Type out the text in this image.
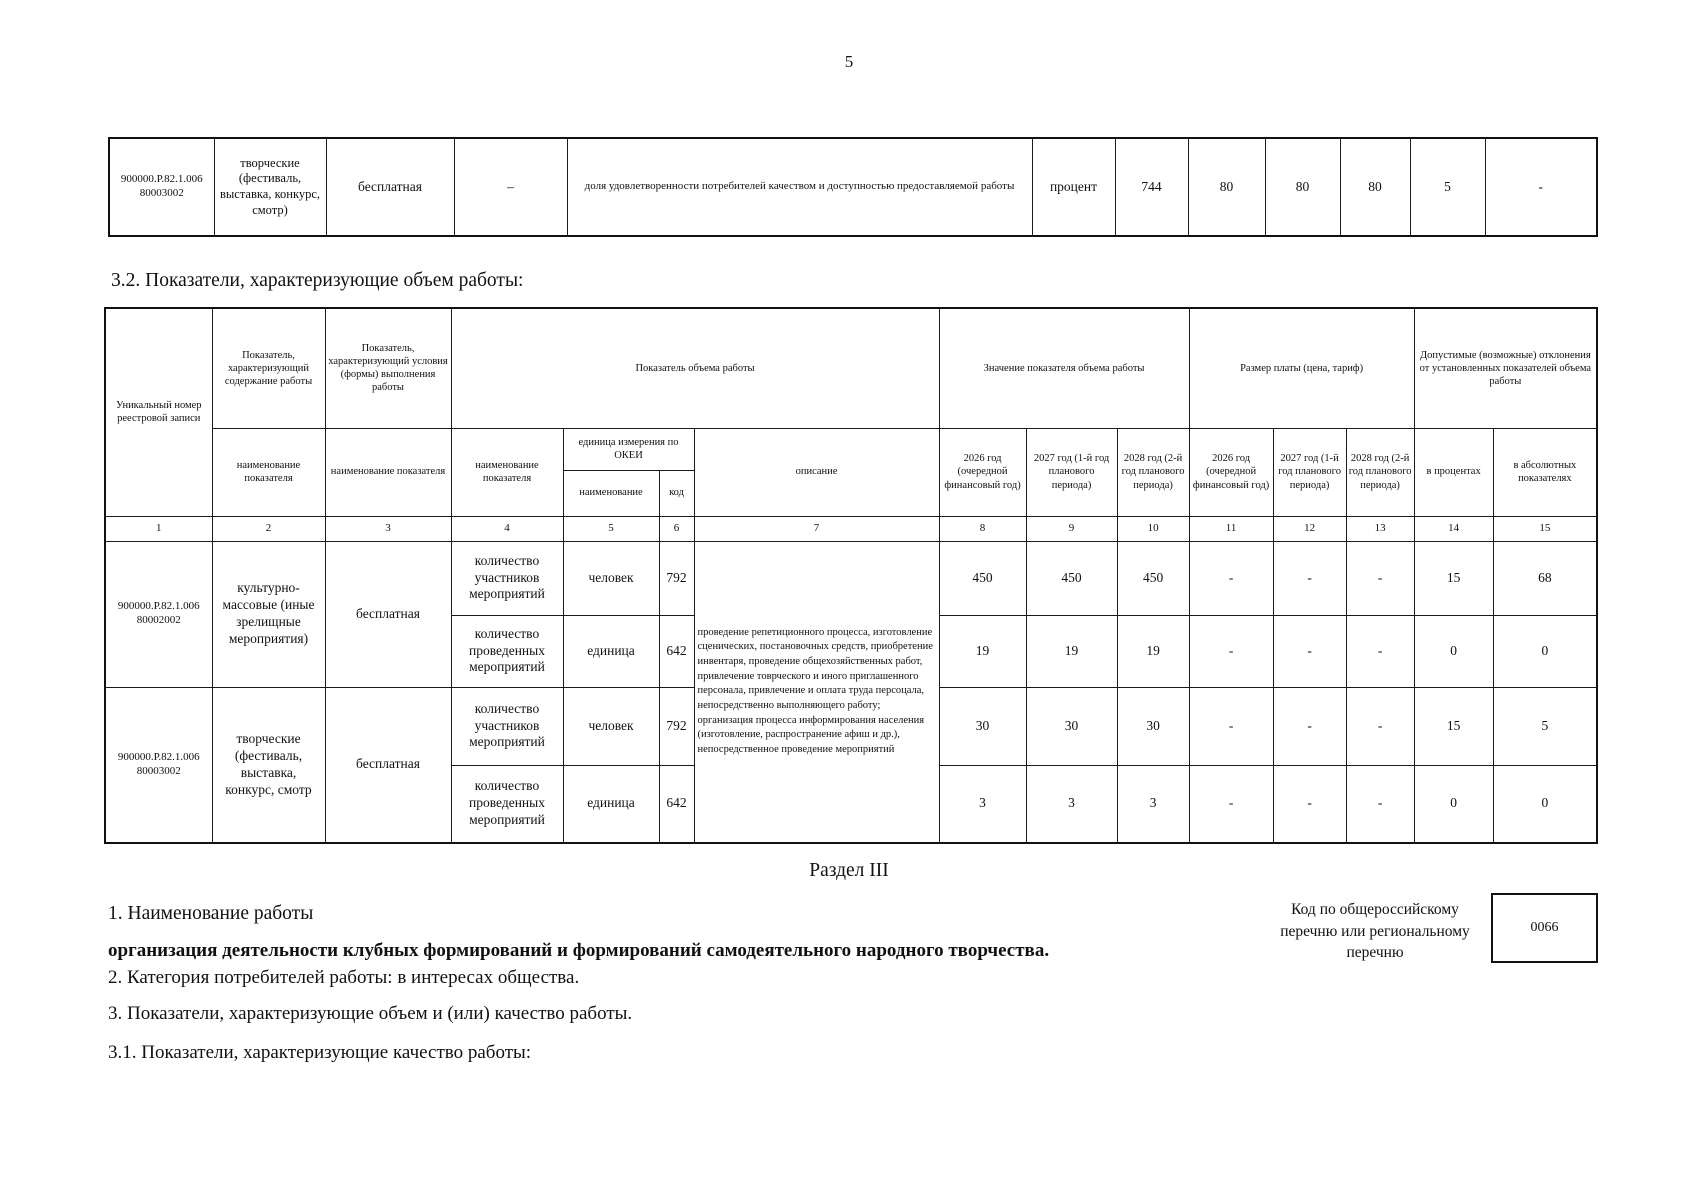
5
900000.Р.82.1.006 80003002	творческие (фестиваль, выставка, конкурс, смотр)	бесплатная	–	доля удовлетворенности потребителей качеством и доступностью предоставляемой работы	процент	744	80	80	80	5	-
3.2. Показатели, характеризующие объем работы:
Уникальный номер реестровой записи	Показатель, характеризующий содержание работы	Показатель, характеризующий условия (формы) выполнения работы	Показатель объема работы				Значение показателя объема работы			Размер платы (цена, тариф)			Допустимые (возможные) отклонения от установленных показателей объема работы	
	наименование показателя	наименование показателя	наименование показателя	единица измерения по ОКЕИ		описание	2026 год (очередной финансовый год)	2027 год (1-й год планового периода)	2028 год (2-й год планового периода)	2026 год (очередной финансовый год)	2027 год (1-й год планового периода)	2028 год (2-й год планового периода)	в процентах	в абсолютных показателях
				наименование	код									
1	2	3	4	5	6	7	8	9	10	11	12	13	14	15
900000.Р.82.1.006 80002002	культурно-массовые (иные зрелищные мероприятия)	бесплатная	количество участников мероприятий	человек	792	проведение репетиционного процесса, изготовление сценических, постановочных средств, приобретение инвентаря, проведение общехозяйственных работ, привлечение товрческого и иного приглашенного персонала, привлечение и оплата труда персоцала, непосредственно выполняющего работу; организация процесса информирования населения (изготовление, распространение афиш и др.), непосредственное проведение мероприятий	450	450	450	-	-	-	15	68
			количество проведенных мероприятий	единица	642		19	19	19	-	-	-	0	0
900000.Р.82.1.006 80003002	творческие (фестиваль, выставка, конкурс, смотр	бесплатная	количество участников мероприятий	человек	792		30	30	30	-	-	-	15	5
			количество проведенных мероприятий	единица	642		3	3	3	-	-	-	0	0
Раздел III
1. Наименование работы
организация деятельности клубных формирований и формирований самодеятельного народного творчества.
2. Категория потребителей работы: в интересах общества.
3. Показатели, характеризующие объем и (или) качество работы.
3.1. Показатели, характеризующие качество работы:
Код по общероссийскому перечню или региональному перечню
0066
